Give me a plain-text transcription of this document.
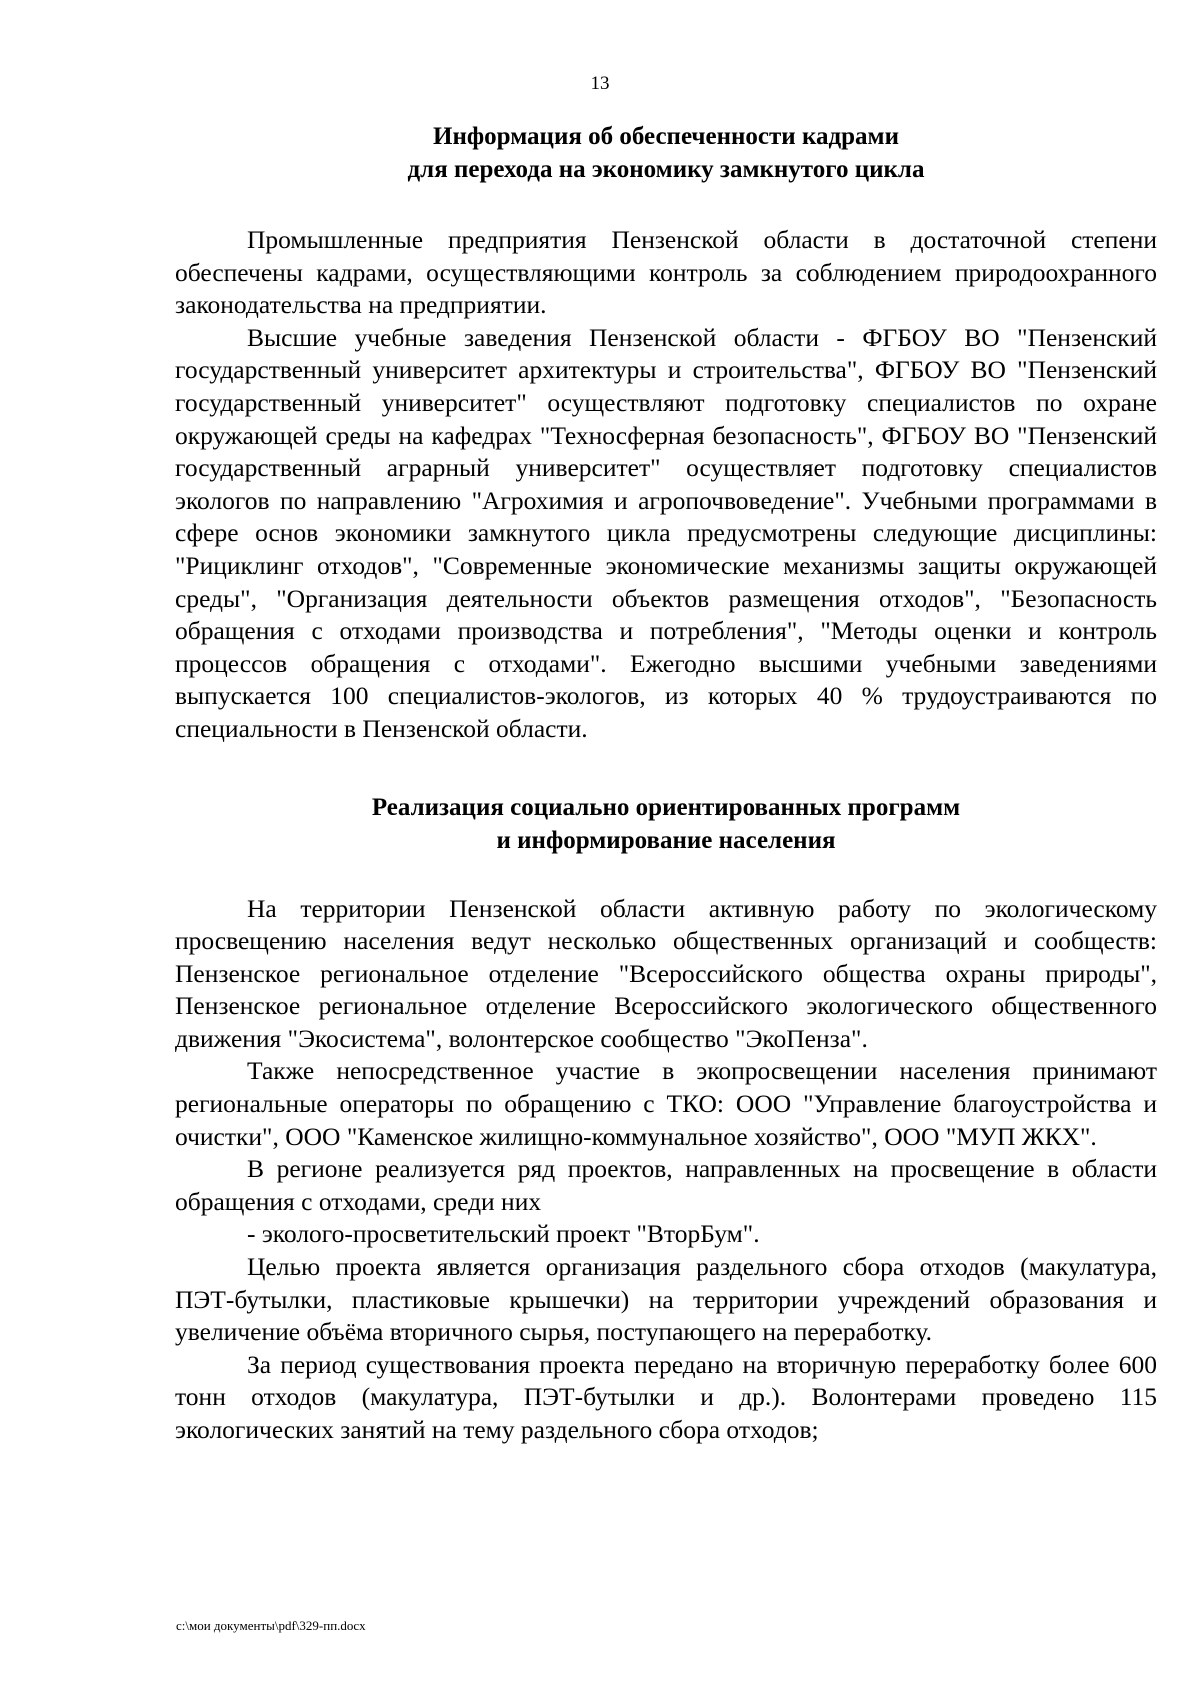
13
Информация об обеспеченности кадрами
для перехода на экономику замкнутого цикла

Промышленные предприятия Пензенской области в достаточной степени обеспечены кадрами, осуществляющими контроль за соблюдением природоохранного законодательства на предприятии.

Высшие учебные заведения Пензенской области - ФГБОУ ВО "Пензенский государственный университет архитектуры и строительства", ФГБОУ ВО "Пензенский государственный университет" осуществляют подготовку специалистов по охране окружающей среды на кафедрах "Техносферная безопасность", ФГБОУ ВО "Пензенский государственный аграрный университет" осуществляет подготовку специалистов экологов по направлению "Агрохимия и агропочвоведение". Учебными программами в сфере основ экономики замкнутого цикла предусмотрены следующие дисциплины: "Рициклинг отходов", "Современные экономические механизмы защиты окружающей среды", "Организация деятельности объектов размещения отходов", "Безопасность обращения с отходами производства и потребления", "Методы оценки и контроль процессов обращения с отходами". Ежегодно высшими учебными заведениями выпускается 100 специалистов-экологов, из которых 40 % трудоустраиваются по специальности в Пензенской области.

Реализация социально ориентированных программ
и информирование населения

На территории Пензенской области активную работу по экологическому просвещению населения ведут несколько общественных организаций и сообществ: Пензенское региональное отделение "Всероссийского общества охраны природы", Пензенское региональное отделение Всероссийского экологического общественного движения "Экосистема", волонтерское сообщество "ЭкоПенза".

Также непосредственное участие в экопросвещении населения принимают региональные операторы по обращению с ТКО: ООО "Управление благоустройства и очистки", ООО "Каменское жилищно-коммунальное хозяйство", ООО "МУП ЖКХ".

В регионе реализуется ряд проектов, направленных на просвещение в области обращения с отходами, среди них

- эколого-просветительский проект "ВторБум".

Целью проекта является организация раздельного сбора отходов (макулатура, ПЭТ-бутылки, пластиковые крышечки) на территории учреждений образования и увеличение объёма вторичного сырья, поступающего на переработку.

За период существования проекта передано на вторичную переработку более 600 тонн отходов (макулатура, ПЭТ-бутылки и др.). Волонтерами проведено 115 экологических занятий на тему раздельного сбора отходов;

c:\мои документы\pdf\329-пп.docx
